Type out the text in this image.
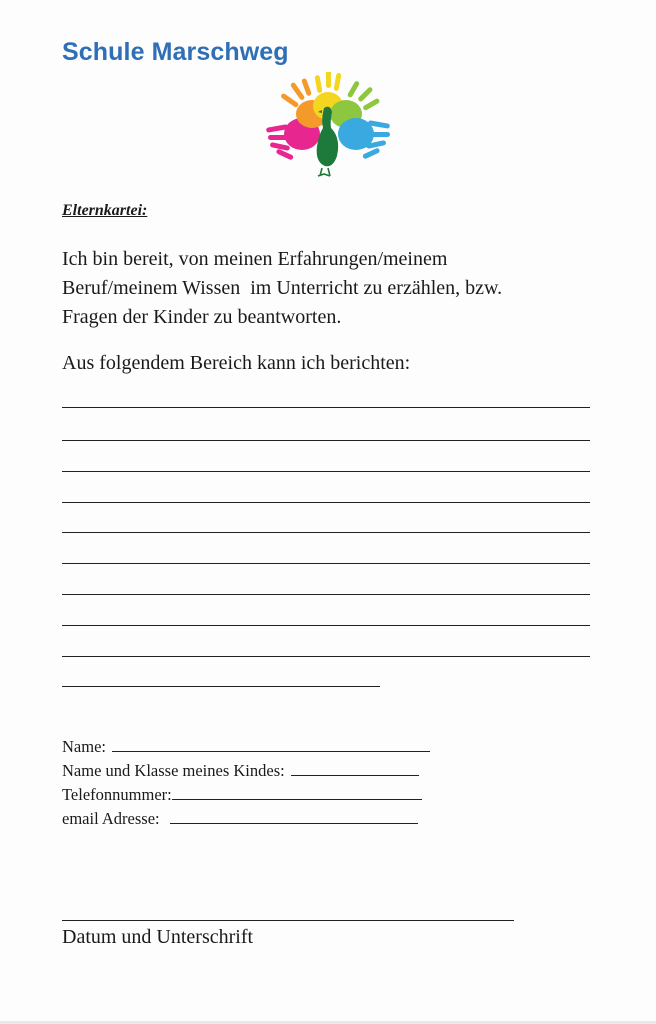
Schule Marschweg
Elternkartei:
Ich bin bereit, von meinen Erfahrungen/meinem
Beruf/meinem Wissen  im Unterricht zu erzählen, bzw.
Fragen der Kinder zu beantworten.
Aus folgendem Bereich kann ich berichten:
Name:
Name und Klasse meines Kindes:
Telefonnummer:
email Adresse:
Datum und Unterschrift
